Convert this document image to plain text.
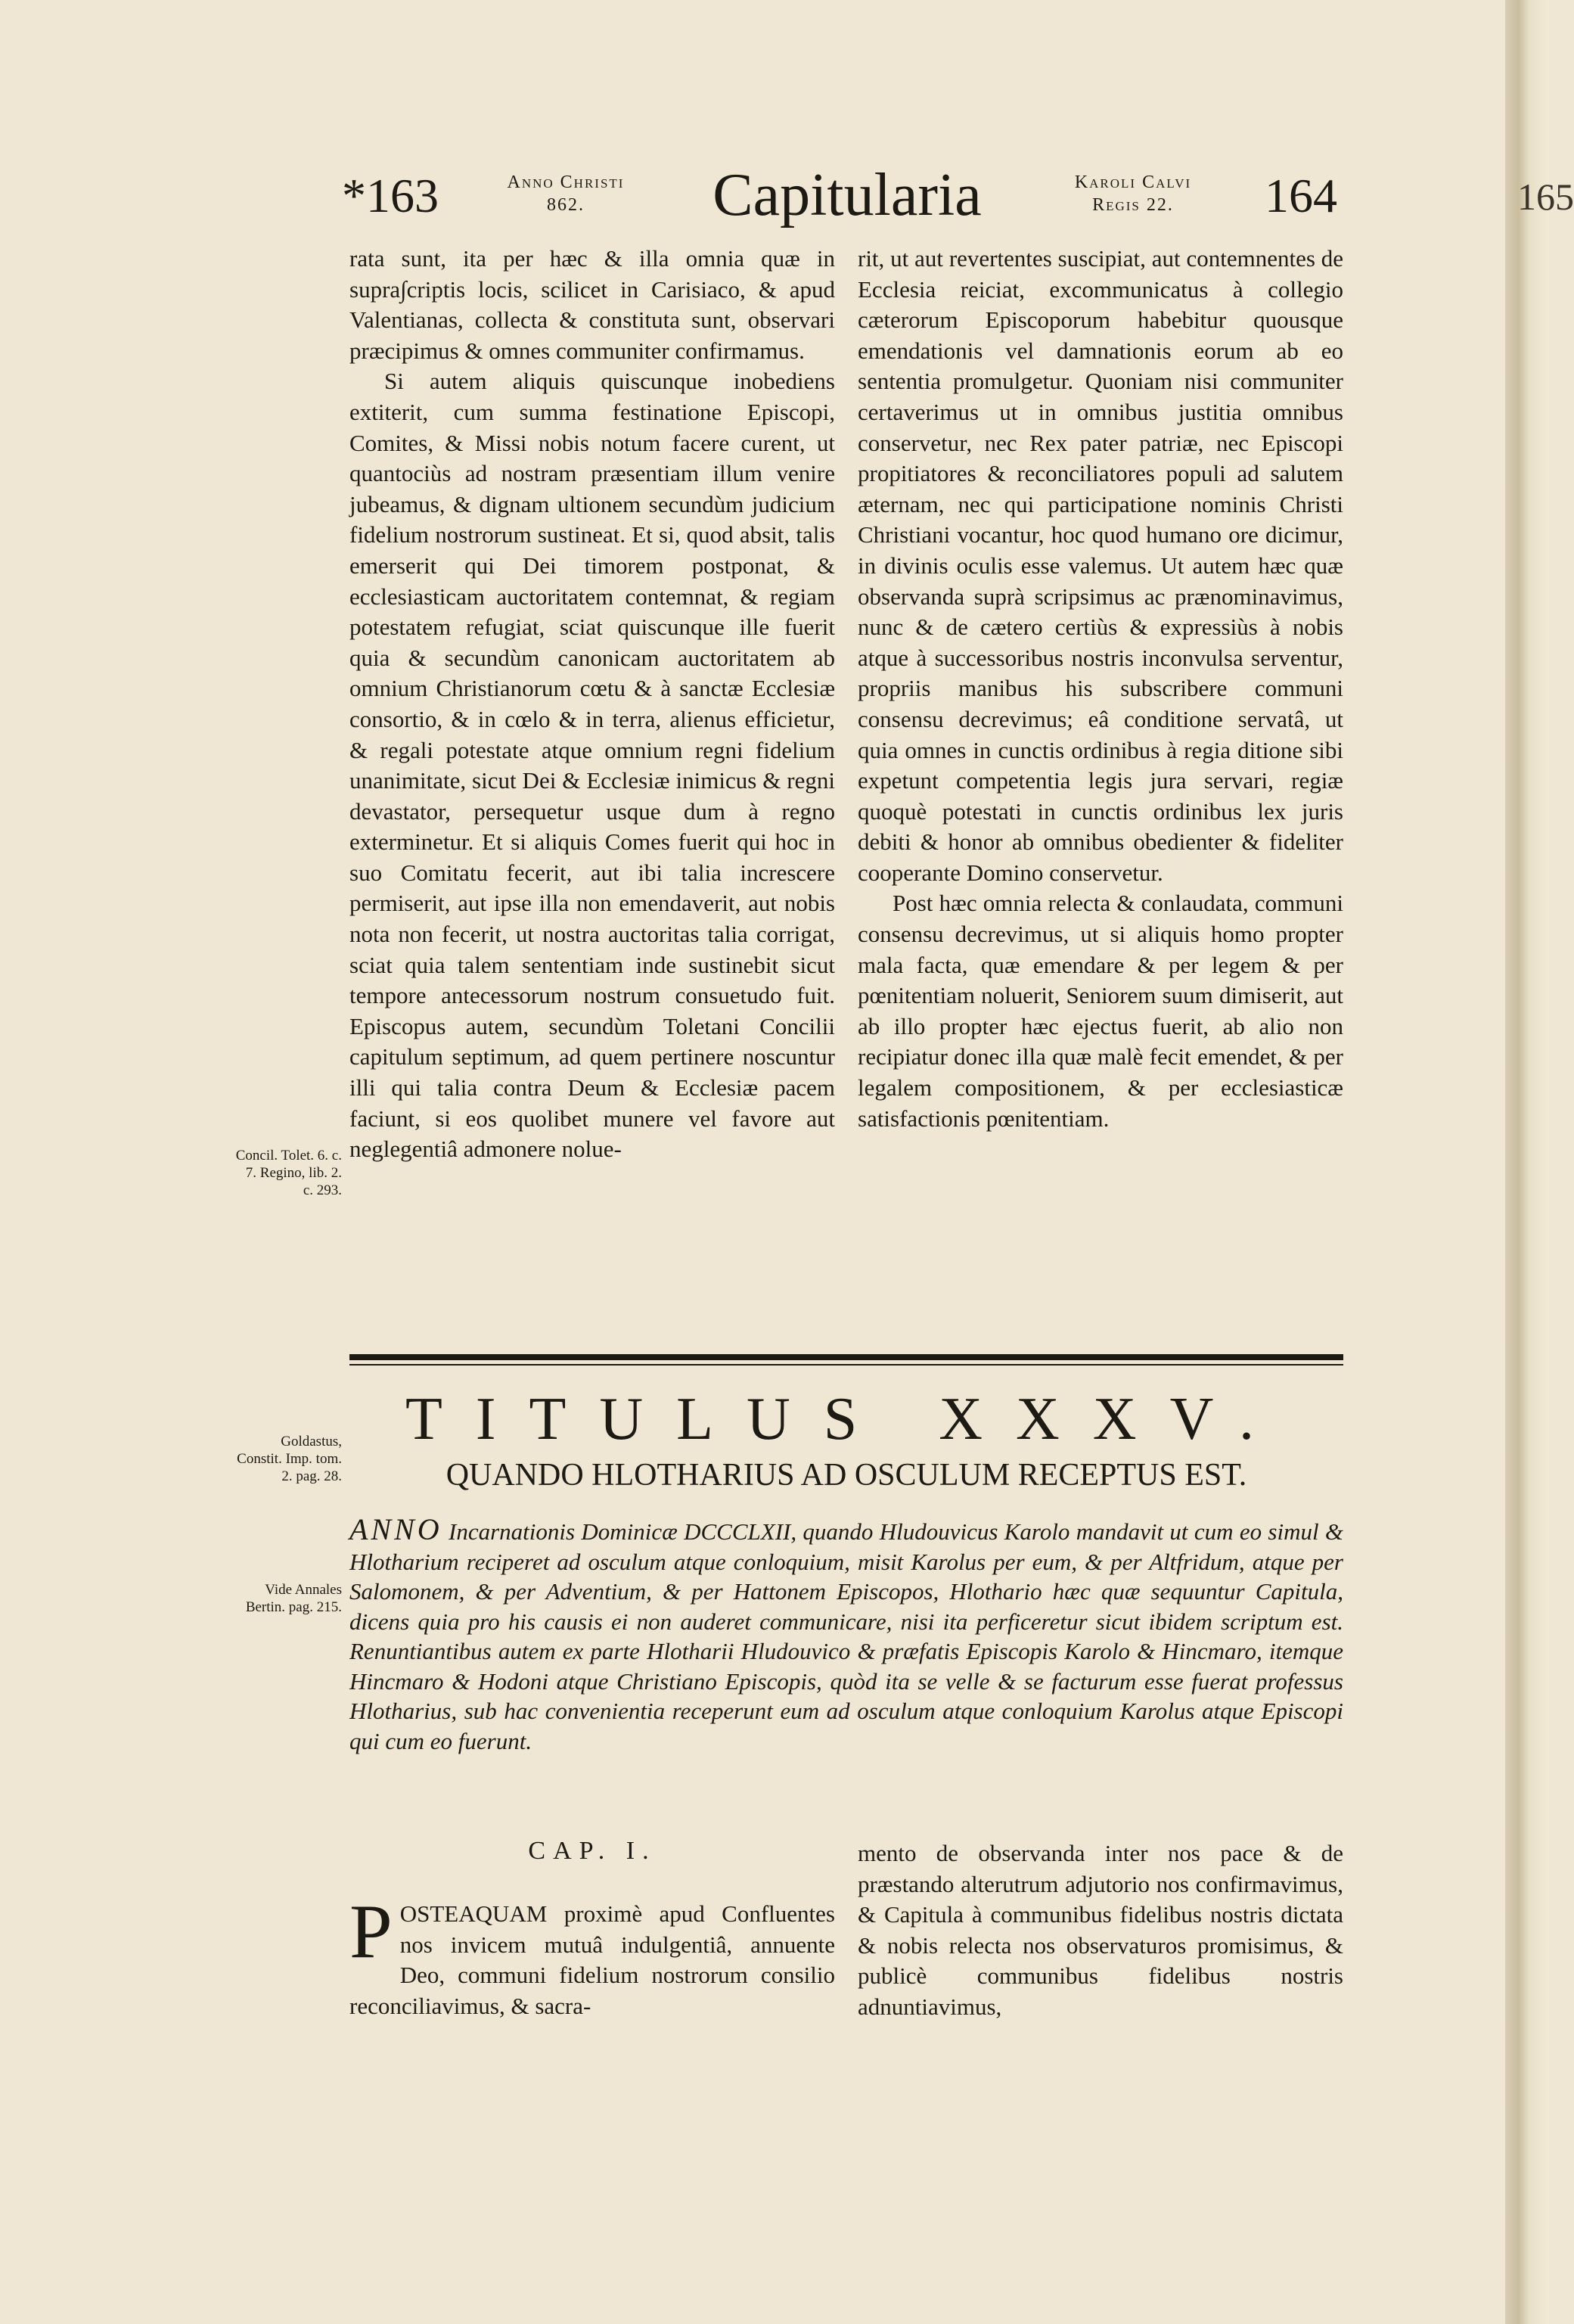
165
*163	Anno Christi
862.	Capitularia	Karoli Calvi
Regis 22.	164

rata sunt, ita per hæc & illa omnia quæ in supra∫criptis locis, scilicet in Carisiaco, & apud Valentianas, collecta & constituta sunt, observari præcipimus & omnes communiter confirmamus.

Si autem aliquis quiscunque inobediens extiterit, cum summa festinatione Episcopi, Comites, & Missi nobis notum facere curent, ut quantociùs ad nostram præsentiam illum venire jubeamus, & dignam ultionem secundùm judicium fidelium nostrorum sustineat. Et si, quod absit, talis emerserit qui Dei timorem postponat, & ecclesiasticam auctoritatem contemnat, & regiam potestatem refugiat, sciat quiscunque ille fuerit quia & secundùm canonicam auctoritatem ab omnium Christianorum cœtu & à sanctæ Ecclesiæ consortio, & in cœlo & in terra, alienus efficietur, & regali potestate atque omnium regni fidelium unanimitate, sicut Dei & Ecclesiæ inimicus & regni devastator, persequetur usque dum à regno exterminetur. Et si aliquis Comes fuerit qui hoc in suo Comitatu fecerit, aut ibi talia increscere permiserit, aut ipse illa non emendaverit, aut nobis nota non fecerit, ut nostra auctoritas talia corrigat, sciat quia talem sententiam inde sustinebit sicut tempore antecessorum nostrum consuetudo fuit. Episcopus autem, secundùm Toletani Concilii capitulum septimum, ad quem pertinere noscuntur illi qui talia contra Deum & Ecclesiæ pacem faciunt, si eos quolibet munere vel favore aut neglegentiâ admonere nolue-

rit, ut aut revertentes suscipiat, aut contemnentes de Ecclesia reiciat, excommunicatus à collegio cæterorum Episcoporum habebitur quousque emendationis vel damnationis eorum ab eo sententia promulgetur. Quoniam nisi communiter certaverimus ut in omnibus justitia omnibus conservetur, nec Rex pater patriæ, nec Episcopi propitiatores & reconciliatores populi ad salutem æternam, nec qui participatione nominis Christi Christiani vocantur, hoc quod humano ore dicimur, in divinis oculis esse valemus. Ut autem hæc quæ observanda suprà scripsimus ac prænominavimus, nunc & de cætero certiùs & expressiùs à nobis atque à successoribus nostris inconvulsa serventur, propriis manibus his subscribere communi consensu decrevimus; eâ conditione servatâ, ut quia omnes in cunctis ordinibus à regia ditione sibi expetunt competentia legis jura servari, regiæ quoquè potestati in cunctis ordinibus lex juris debiti & honor ab omnibus obedienter & fideliter cooperante Domino conservetur.

Post hæc omnia relecta & conlaudata, communi consensu decrevimus, ut si aliquis homo propter mala facta, quæ emendare & per legem & per pœnitentiam noluerit, Seniorem suum dimiserit, aut ab illo propter hæc ejectus fuerit, ab alio non recipiatur donec illa quæ malè fecit emendet, & per legalem compositionem, & per ecclesiasticæ satisfactionis pœnitentiam.

Concil. Tolet. 6. c. 7. Regino, lib. 2. c. 293.
Goldastus, Constit. Imp. tom. 2. pag. 28.
Vide Annales Bertin. pag. 215.
TITULUS XXXV.
QUANDO HLOTHARIUS AD OSCULUM RECEPTUS EST.
ANNO Incarnationis Dominicæ DCCCLXII, quando Hludouvicus Karolo mandavit ut cum eo simul & Hlotharium reciperet ad osculum atque conloquium, misit Karolus per eum, & per Altfridum, atque per Salomonem, & per Adventium, & per Hattonem Episcopos, Hlothario hæc quæ sequuntur Capitula, dicens quia pro his causis ei non auderet communicare, nisi ita perficeretur sicut ibidem scriptum est. Renuntiantibus autem ex parte Hlotharii Hludouvico & præfatis Episcopis Karolo & Hincmaro, itemque Hincmaro & Hodoni atque Christiano Episcopis, quòd ita se velle & se facturum esse fuerat professus Hlotharius, sub hac convenientia receperunt eum ad osculum atque conloquium Karolus atque Episcopi qui cum eo fuerunt.
CAP. I.
POSTEAQUAM proximè apud Confluentes nos invicem mutuâ indulgentiâ, annuente Deo, communi fidelium nostrorum consilio reconciliavimus, & sacra-
mento de observanda inter nos pace & de præstando alterutrum adjutorio nos confirmavimus, & Capitula à communibus fidelibus nostris dictata & nobis relecta nos observaturos promisimus, & publicè communibus fidelibus nostris adnuntiavimus,
